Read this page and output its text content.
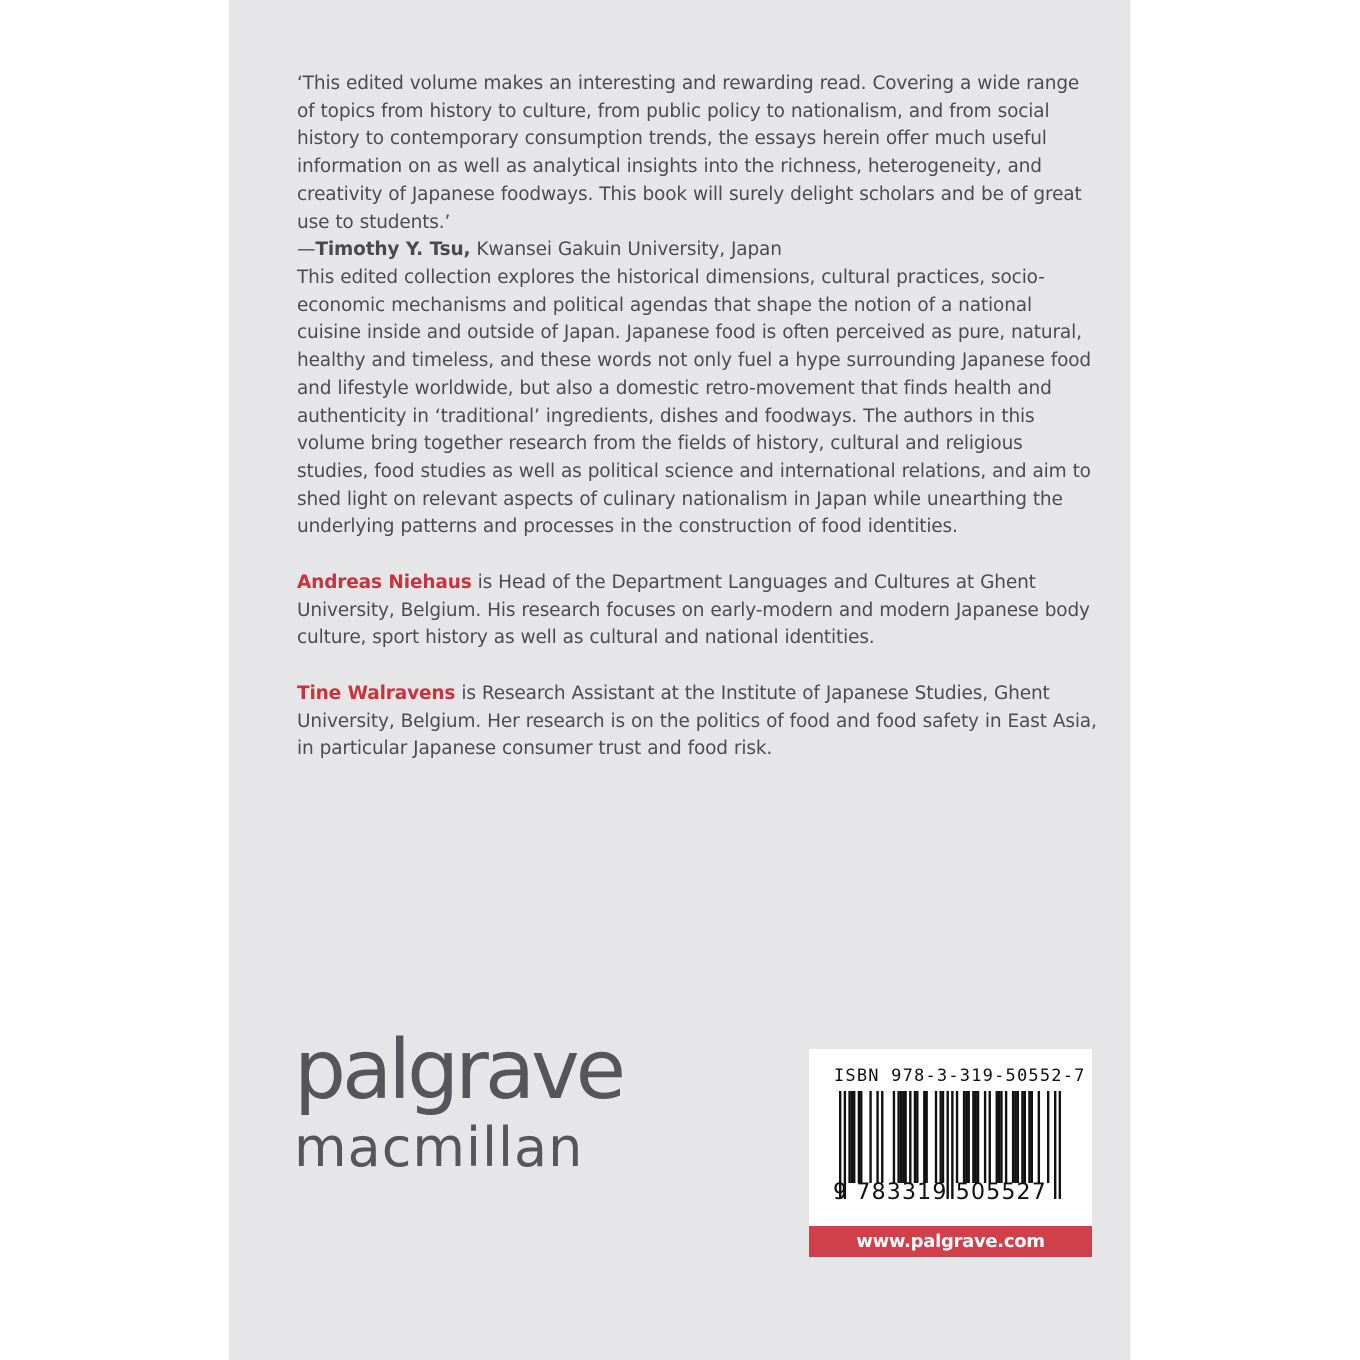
‘This edited volume makes an interesting and rewarding read. Covering a wide range of topics from history to culture, from public policy to nationalism, and from social history to contemporary consumption trends, the essays herein offer much useful information on as well as analytical insights into the richness, heterogeneity, and creativity of Japanese foodways. This book will surely delight scholars and be of great use to students.’

—Timothy Y. Tsu, Kwansei Gakuin University, Japan

This edited collection explores the historical dimensions, cultural practices, socio-economic mechanisms and political agendas that shape the notion of a national cuisine inside and outside of Japan. Japanese food is often perceived as pure, natural, healthy and timeless, and these words not only fuel a hype surrounding Japanese food and lifestyle worldwide, but also a domestic retro-movement that finds health and authenticity in ‘traditional’ ingredients, dishes and foodways. The authors in this volume bring together research from the fields of history, cultural and religious studies, food studies as well as political science and international relations, and aim to shed light on relevant aspects of culinary nationalism in Japan while unearthing the underlying patterns and processes in the construction of food identities.

Andreas Niehaus is Head of the Department Languages and Cultures at Ghent University, Belgium. His research focuses on early-modern and modern Japanese body culture, sport history as well as cultural and national identities.

Tine Walravens is Research Assistant at the Institute of Japanese Studies, Ghent University, Belgium. Her research is on the politics of food and food safety in East Asia, in particular Japanese consumer trust and food risk.

palgrave
macmillan
ISBN 978-3-319-50552-7
9 783319 505527
www.palgrave.com
